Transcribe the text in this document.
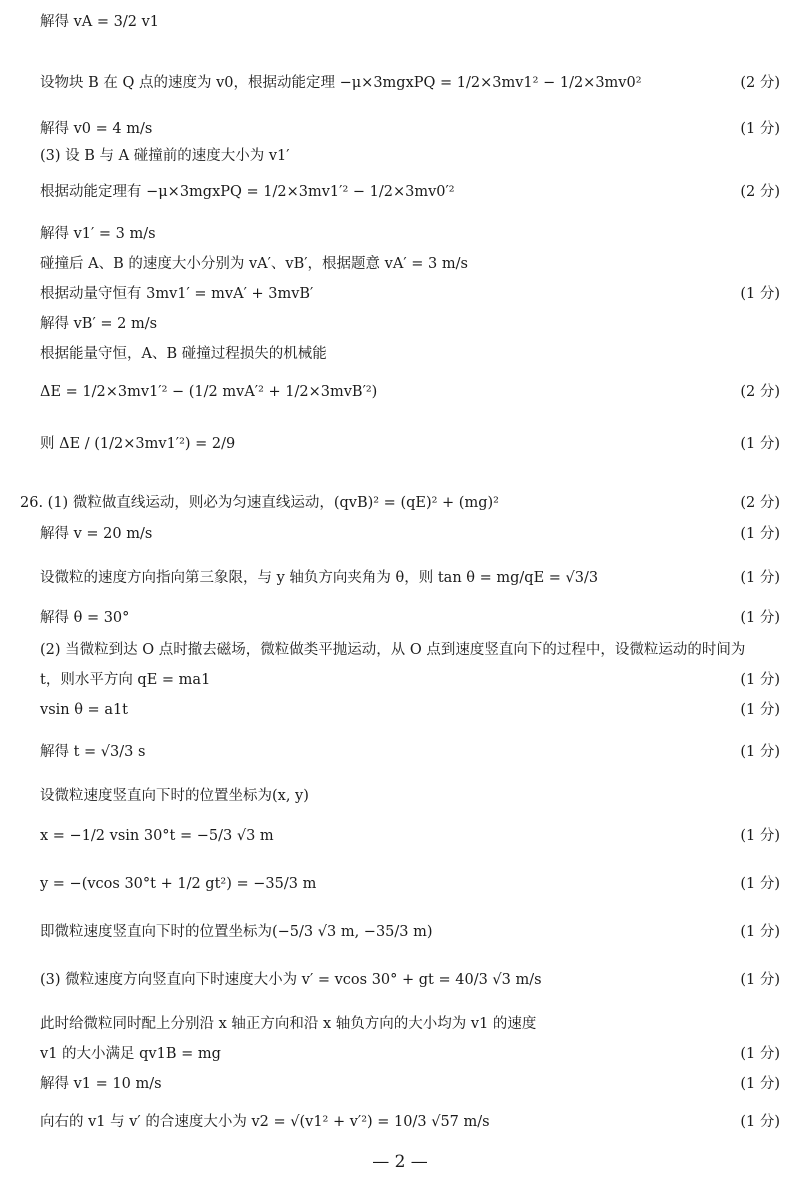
解得 vA = 3/2 v1
设物块 B 在 Q 点的速度为 v0，根据动能定理 −μ×3mgxPQ = 1/2×3mv1² − 1/2×3mv0²	(2 分)
解得 v0 = 4 m/s	(1 分)
(3) 设 B 与 A 碰撞前的速度大小为 v1′
根据动能定理有 −μ×3mgxPQ = 1/2×3mv1′² − 1/2×3mv0′²	(2 分)
解得 v1′ = 3 m/s
碰撞后 A、B 的速度大小分别为 vA′、vB′，根据题意 vA′ = 3 m/s
根据动量守恒有 3mv1′ = mvA′ + 3mvB′	(1 分)
解得 vB′ = 2 m/s
根据能量守恒，A、B 碰撞过程损失的机械能
ΔE = 1/2×3mv1′² − (1/2 mvA′² + 1/2×3mvB′²)	(2 分)
则 ΔE / (1/2×3mv1′²) = 2/9	(1 分)
26. (1) 微粒做直线运动，则必为匀速直线运动，(qvB)² = (qE)² + (mg)²	(2 分)
解得 v = 20 m/s	(1 分)
设微粒的速度方向指向第三象限，与 y 轴负方向夹角为 θ，则 tan θ = mg/qE = √3/3	(1 分)
解得 θ = 30°	(1 分)
(2) 当微粒到达 O 点时撤去磁场，微粒做类平抛运动，从 O 点到速度竖直向下的过程中，设微粒运动的时间为
t，则水平方向 qE = ma1	(1 分)
vsin θ = a1t	(1 分)
解得 t = √3/3 s	(1 分)
设微粒速度竖直向下时的位置坐标为(x, y)
x = −1/2 vsin 30°t = −5/3 √3 m	(1 分)
y = −(vcos 30°t + 1/2 gt²) = −35/3 m	(1 分)
即微粒速度竖直向下时的位置坐标为(−5/3 √3 m, −35/3 m)	(1 分)
(3) 微粒速度方向竖直向下时速度大小为 v′ = vcos 30° + gt = 40/3 √3 m/s	(1 分)
此时给微粒同时配上分别沿 x 轴正方向和沿 x 轴负方向的大小均为 v1 的速度
v1 的大小满足 qv1B = mg	(1 分)
解得 v1 = 10 m/s	(1 分)
向右的 v1 与 v′ 的合速度大小为 v2 = √(v1² + v′²) = 10/3 √57 m/s	(1 分)
— 2 —
